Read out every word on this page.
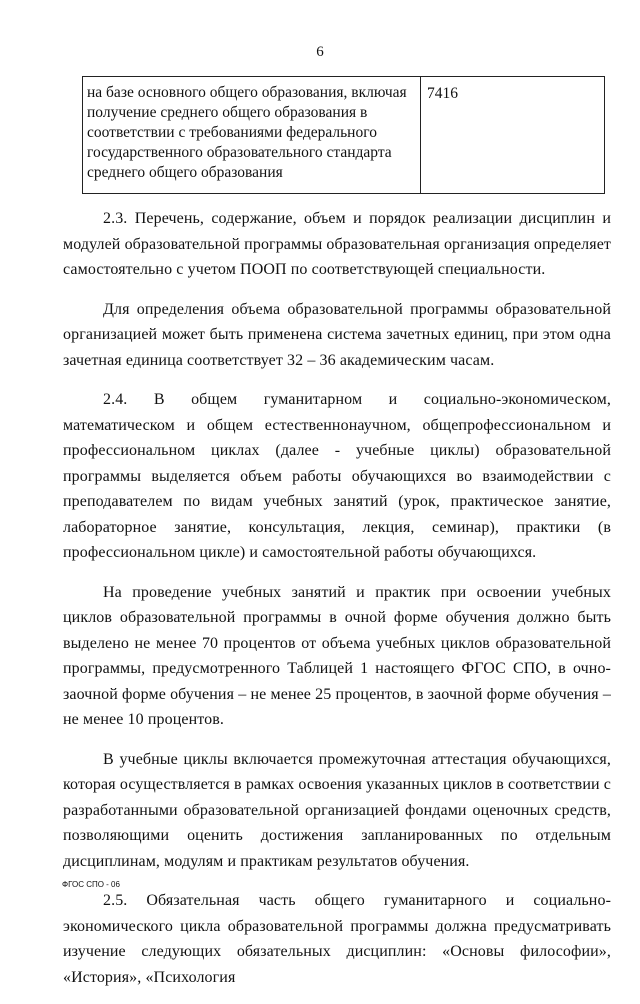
6
на базе основного общего образования, включая получение среднего общего образования в соответствии с требованиями федерального государственного образовательного стандарта среднего общего образования
7416

2.3. Перечень, содержание, объем и порядок реализации дисциплин и модулей образовательной программы образовательная организация определяет самостоятельно с учетом ПООП по соответствующей специальности.

Для определения объема образовательной программы образовательной организацией может быть применена система зачетных единиц, при этом одна зачетная единица соответствует 32 – 36 академическим часам.

2.4. В общем гуманитарном и социально-экономическом, математическом и общем естественнонаучном, общепрофессиональном и профессиональном циклах (далее - учебные циклы) образовательной программы выделяется объем работы обучающихся во взаимодействии с преподавателем по видам учебных занятий (урок, практическое занятие, лабораторное занятие, консультация, лекция, семинар), практики (в профессиональном цикле) и самостоятельной работы обучающихся.

На проведение учебных занятий и практик при освоении учебных циклов образовательной программы в очной форме обучения должно быть выделено не менее 70 процентов от объема учебных циклов образовательной программы, предусмотренного Таблицей 1 настоящего ФГОС СПО, в очно-заочной форме обучения – не менее 25 процентов, в заочной форме обучения – не менее 10 процентов.

В учебные циклы включается промежуточная аттестация обучающихся, которая осуществляется в рамках освоения указанных циклов в соответствии с разработанными образовательной организацией фондами оценочных средств, позволяющими оценить достижения запланированных по отдельным дисциплинам, модулям и практикам результатов обучения.

2.5. Обязательная часть общего гуманитарного и социально-экономического цикла образовательной программы должна предусматривать изучение следующих обязательных дисциплин: «Основы философии», «История», «Психология

ФГОС СПО - 06
